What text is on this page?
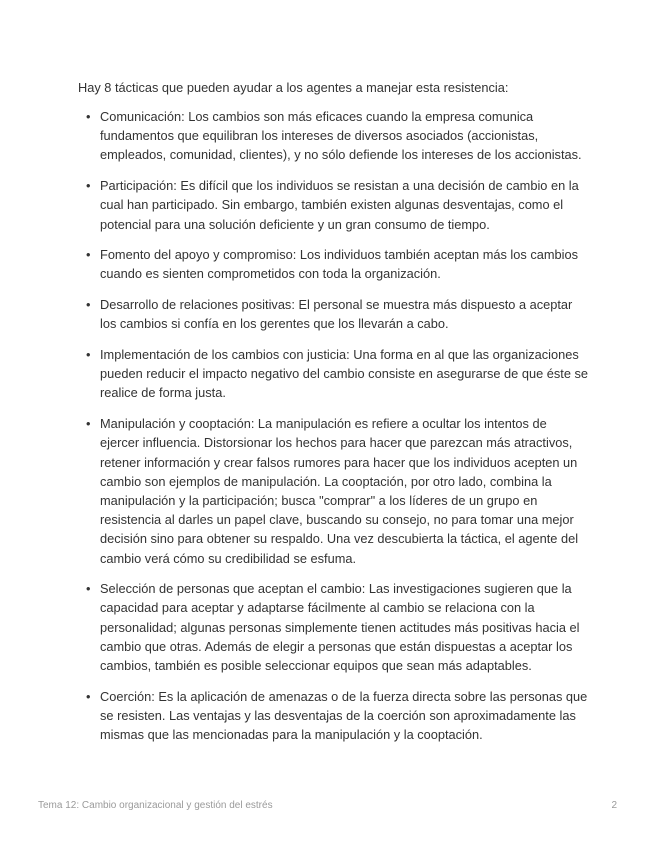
Hay 8 tácticas que pueden ayudar a los agentes a manejar esta resistencia:

• Comunicación: Los cambios son más eficaces cuando la empresa comunica fundamentos que equilibran los intereses de diversos asociados (accionistas, empleados, comunidad, clientes), y no sólo defiende los intereses de los accionistas.
• Participación: Es difícil que los individuos se resistan a una decisión de cambio en la cual han participado. Sin embargo, también existen algunas desventajas, como el potencial para una solución deficiente y un gran consumo de tiempo.
• Fomento del apoyo y compromiso: Los individuos también aceptan más los cambios cuando es sienten comprometidos con toda la organización.
• Desarrollo de relaciones positivas: El personal se muestra más dispuesto a aceptar los cambios si confía en los gerentes que los llevarán a cabo.
• Implementación de los cambios con justicia: Una forma en al que las organizaciones pueden reducir el impacto negativo del cambio consiste en asegurarse de que éste se realice de forma justa.
• Manipulación y cooptación: La manipulación es refiere a ocultar los intentos de ejercer influencia. Distorsionar los hechos para hacer que parezcan más atractivos, retener información y crear falsos rumores para hacer que los individuos acepten un cambio son ejemplos de manipulación. La cooptación, por otro lado, combina la manipulación y la participación; busca "comprar" a los líderes de un grupo en resistencia al darles un papel clave, buscando su consejo, no para tomar una mejor decisión sino para obtener su respaldo. Una vez descubierta la táctica, el agente del cambio verá cómo su credibilidad se esfuma.
• Selección de personas que aceptan el cambio: Las investigaciones sugieren que la capacidad para aceptar y adaptarse fácilmente al cambio se relaciona con la personalidad; algunas personas simplemente tienen actitudes más positivas hacia el cambio que otras. Además de elegir a personas que están dispuestas a aceptar los cambios, también es posible seleccionar equipos que sean más adaptables.
• Coerción: Es la aplicación de amenazas o de la fuerza directa sobre las personas que se resisten. Las ventajas y las desventajas de la coerción son aproximadamente las mismas que las mencionadas para la manipulación y la cooptación.
Tema 12: Cambio organizacional y gestión del estrés	2
